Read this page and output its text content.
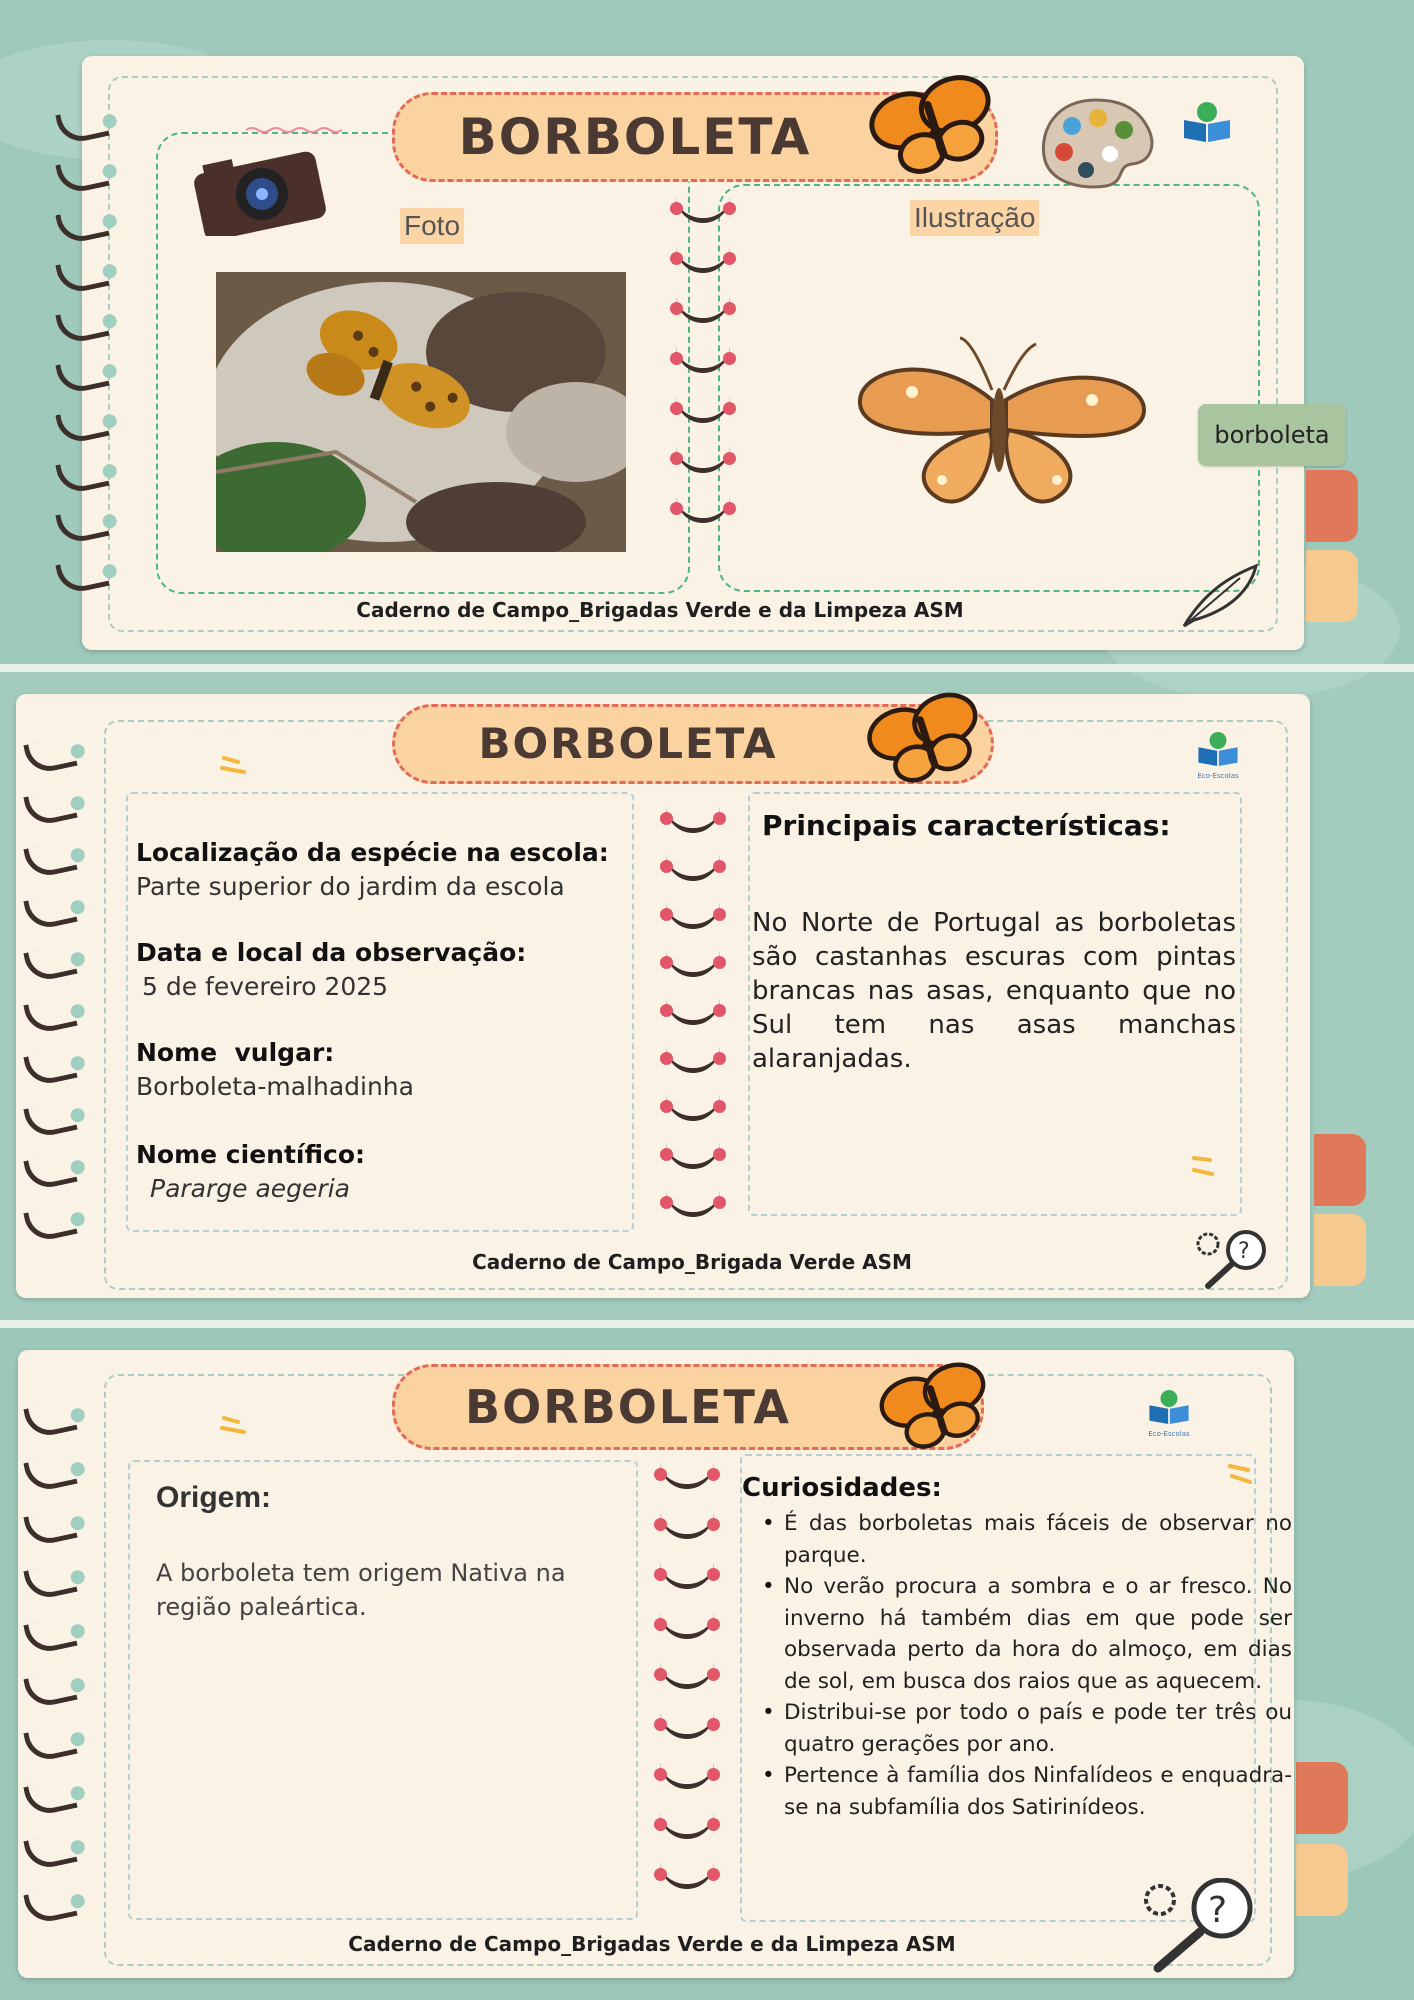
BORBOLETA
Foto	Ilustração
borboleta
Caderno de Campo_Brigadas Verde e da Limpeza ASM
BORBOLETA
Eco-Escolas
Localização da espécie na escola:
Parte superior do jardim da escola
Data e local da observação:
5 de fevereiro 2025
Nome  vulgar:
Borboleta-malhadinha
Nome científico:
Pararge aegeria
Principais características:
No Norte de Portugal as borboletas são castanhas escuras com pintas brancas nas asas, enquanto que no Sul tem nas asas manchas alaranjadas.
?
Caderno de Campo_Brigada Verde ASM
BORBOLETA	Eco-Escolas
Origem:
A borboleta tem origem Nativa na região paleártica.
Curiosidades:
• É das borboletas mais fáceis de observar no parque.
• No verão procura a sombra e o ar fresco. No inverno há também dias em que pode ser observada perto da hora do almoço, em dias de sol, em busca dos raios que as aquecem.
• Distribui-se por todo o país e pode ter três ou quatro gerações por ano.
• Pertence à família dos Ninfalídeos e enquadra-se na subfamília dos Satirinídeos.
?
Caderno de Campo_Brigadas Verde e da Limpeza ASM
